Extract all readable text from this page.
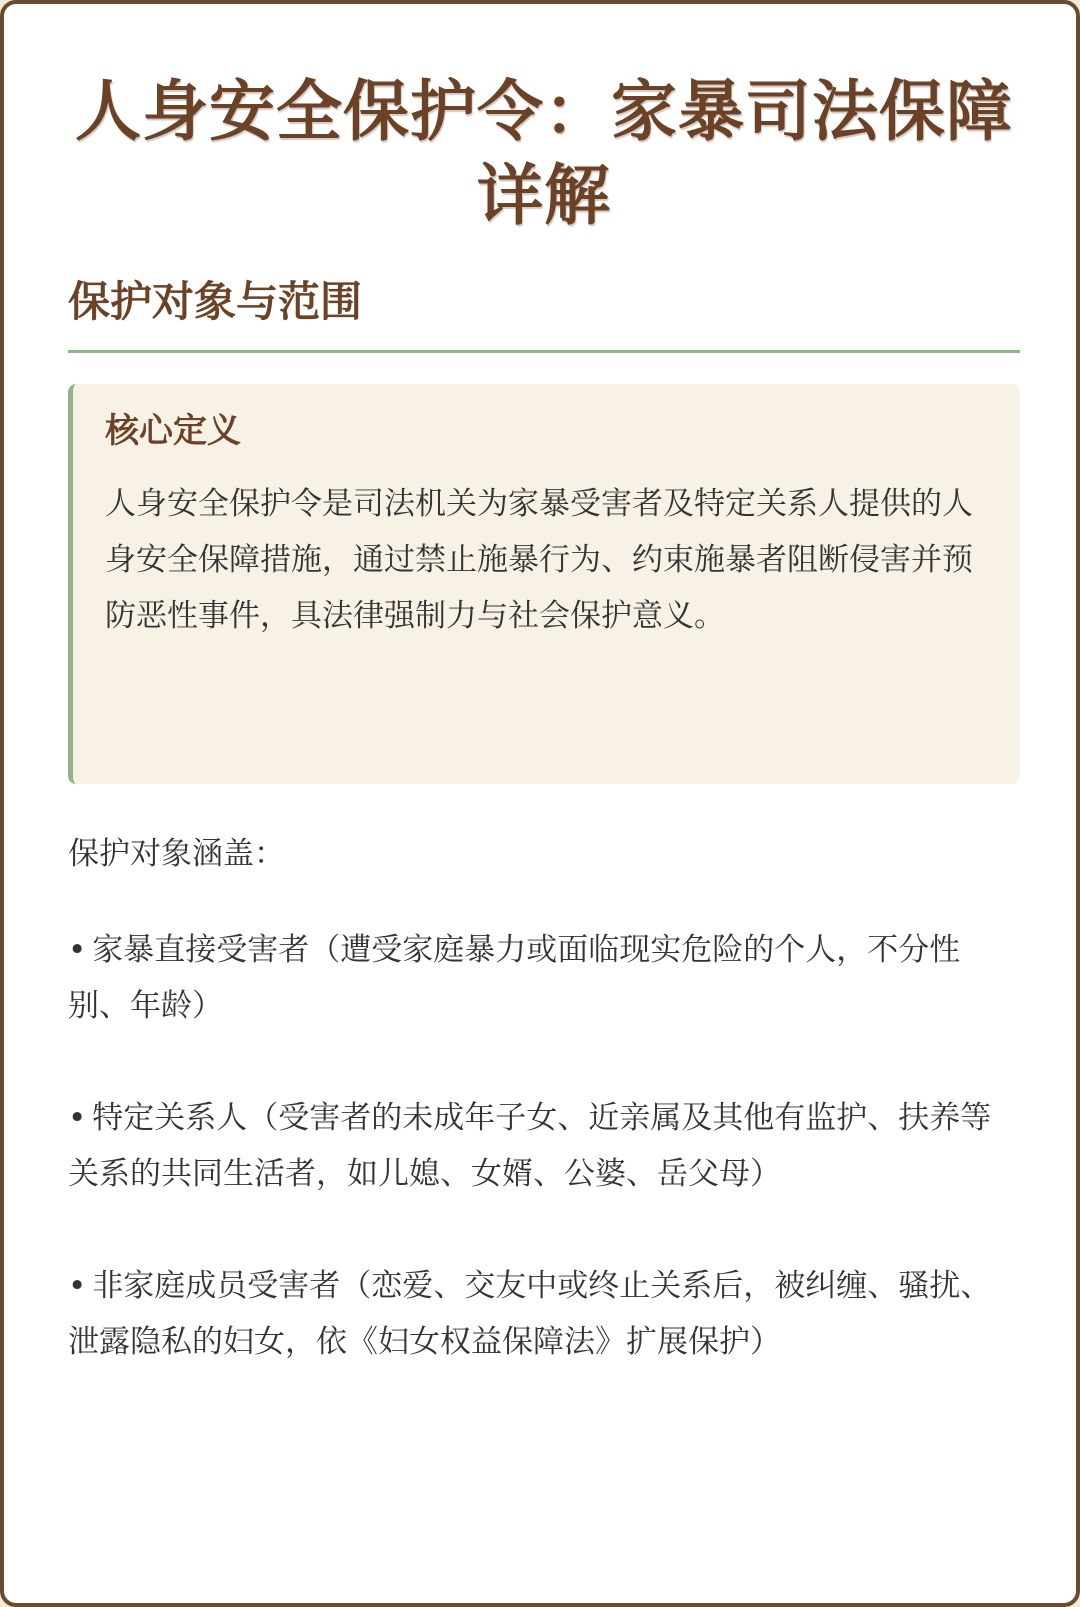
人身安全保护令：家暴司法保障详解
保护对象与范围
核心定义

人身安全保护令是司法机关为家暴受害者及特定关系人提供的人身安全保障措施，通过禁止施暴行为、约束施暴者阻断侵害并预防恶性事件，具法律强制力与社会保护意义。

保护对象涵盖：

• 家暴直接受害者（遭受家庭暴力或面临现实危险的个人，不分性别、年龄）
• 特定关系人（受害者的未成年子女、近亲属及其他有监护、扶养等关系的共同生活者，如儿媳、女婿、公婆、岳父母）
• 非家庭成员受害者（恋爱、交友中或终止关系后，被纠缠、骚扰、泄露隐私的妇女，依《妇女权益保障法》扩展保护）
